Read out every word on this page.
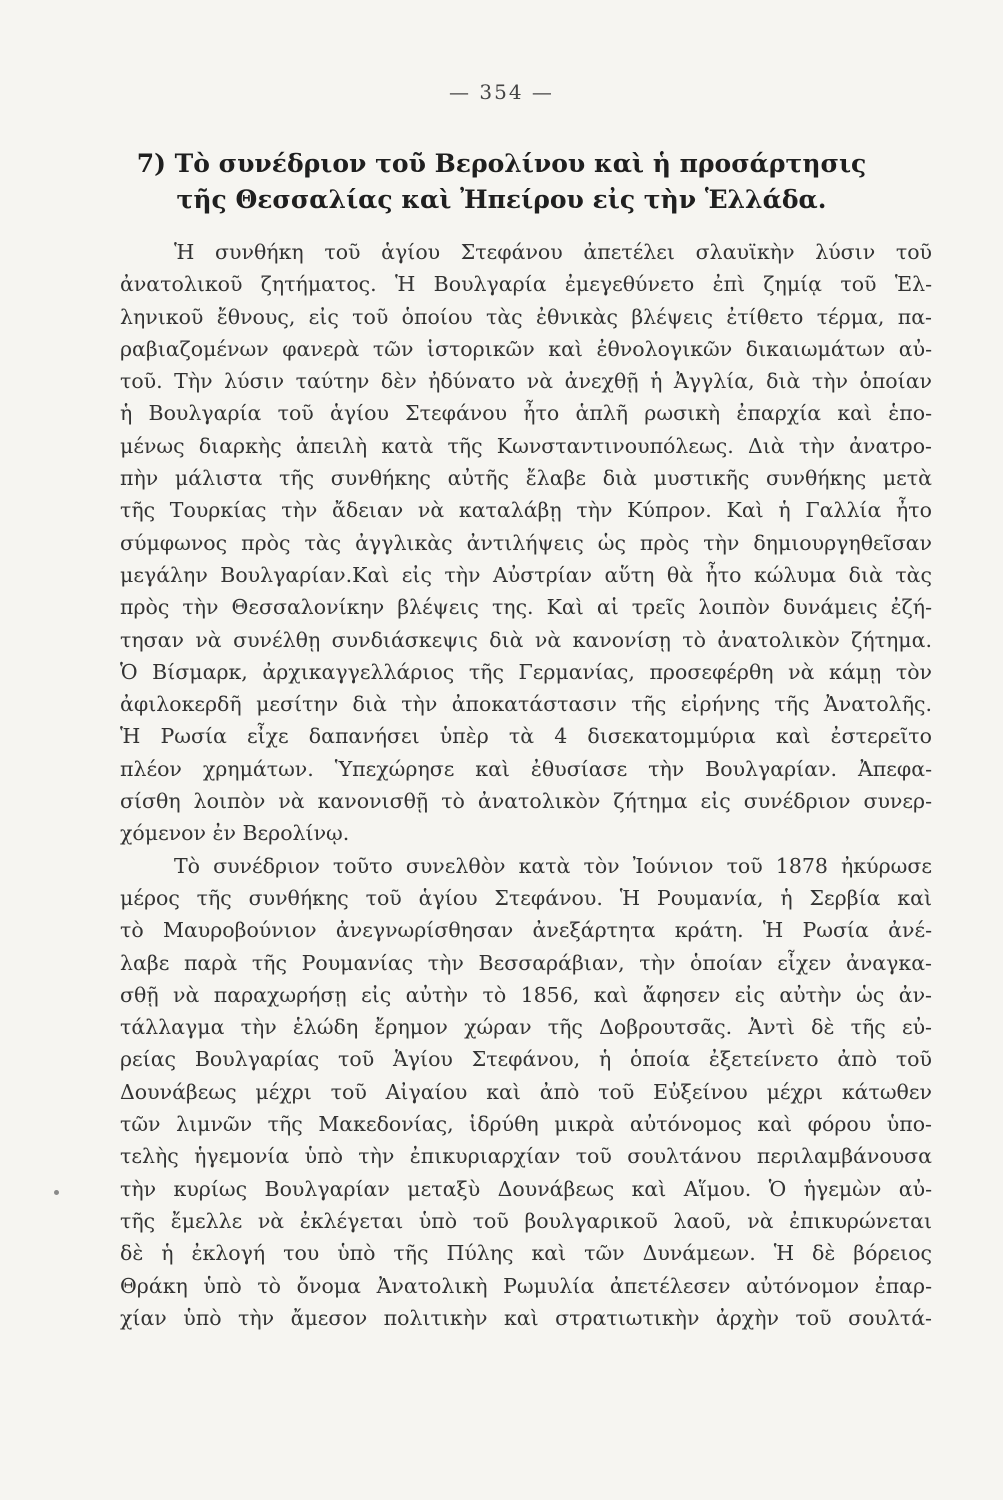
— 354 —
7) Τὸ συνέδριον τοῦ Βερολίνου καὶ ἡ προσάρτησις
τῆς Θεσσαλίας καὶ Ἠπείρου εἰς τὴν Ἑλλάδα.
Ἡ συνθήκη τοῦ ἁγίου Στεφάνου ἀπετέλει σλαυϊκὴν λύσιν τοῦ
ἀνατολικοῦ ζητήματος. Ἡ Βουλγαρία ἐμεγεθύνετο ἐπὶ ζημίᾳ τοῦ Ἑλ-
ληνικοῦ ἔθνους, εἰς τοῦ ὁποίου τὰς ἐθνικὰς βλέψεις ἐτίθετο τέρμα, πα-
ραβιαζομένων φανερὰ τῶν ἱστορικῶν καὶ ἐθνολογικῶν δικαιωμάτων αὐ-
τοῦ. Τὴν λύσιν ταύτην δὲν ἠδύνατο νὰ ἀνεχθῇ ἡ Ἀγγλία, διὰ τὴν ὁποίαν
ἡ Βουλγαρία τοῦ ἁγίου Στεφάνου ἦτο ἁπλῆ ρωσικὴ ἐπαρχία καὶ ἑπο-
μένως διαρκὴς ἀπειλὴ κατὰ τῆς Κωνσταντινουπόλεως. Διὰ τὴν ἀνατρο-
πὴν μάλιστα τῆς συνθήκης αὐτῆς ἔλαβε διὰ μυστικῆς συνθήκης μετὰ
τῆς Τουρκίας τὴν ἄδειαν νὰ καταλάβῃ τὴν Κύπρον. Καὶ ἡ Γαλλία ἦτο
σύμφωνος πρὸς τὰς ἀγγλικὰς ἀντιλήψεις ὡς πρὸς τὴν δημιουργηθεῖσαν
μεγάλην Βουλγαρίαν.Καὶ εἰς τὴν Αὐστρίαν αὕτη θὰ ἦτο κώλυμα διὰ τὰς
πρὸς τὴν Θεσσαλονίκην βλέψεις της. Καὶ αἱ τρεῖς λοιπὸν δυνάμεις ἐζή-
τησαν νὰ συνέλθῃ συνδιάσκεψις διὰ νὰ κανονίσῃ τὸ ἀνατολικὸν ζήτημα.
Ὁ Βίσμαρκ, ἀρχικαγγελλάριος τῆς Γερμανίας, προσεφέρθη νὰ κάμῃ τὸν
ἀφιλοκερδῆ μεσίτην διὰ τὴν ἀποκατάστασιν τῆς εἰρήνης τῆς Ἀνατολῆς.
Ἡ Ρωσία εἶχε δαπανήσει ὑπὲρ τὰ 4 δισεκατομμύρια καὶ ἐστερεῖτο
πλέον χρημάτων. Ὑπεχώρησε καὶ ἐθυσίασε τὴν Βουλγαρίαν. Ἀπεφα-
σίσθη λοιπὸν νὰ κανονισθῇ τὸ ἀνατολικὸν ζήτημα εἰς συνέδριον συνερ-
χόμενον ἐν Βερολίνῳ.
Τὸ συνέδριον τοῦτο συνελθὸν κατὰ τὸν Ἰούνιον τοῦ 1878 ἠκύρωσε
μέρος τῆς συνθήκης τοῦ ἁγίου Στεφάνου. Ἡ Ρουμανία, ἡ Σερβία καὶ
τὸ Μαυροβούνιον ἀνεγνωρίσθησαν ἀνεξάρτητα κράτη. Ἡ Ρωσία ἀνέ-
λαβε παρὰ τῆς Ρουμανίας τὴν Βεσσαράβιαν, τὴν ὁποίαν εἶχεν ἀναγκα-
σθῇ νὰ παραχωρήσῃ εἰς αὐτὴν τὸ 1856, καὶ ἄφησεν εἰς αὐτὴν ὡς ἀν-
τάλλαγμα τὴν ἑλώδη ἔρημον χώραν τῆς Δοβρουτσᾶς. Ἀντὶ δὲ τῆς εὐ-
ρείας Βουλγαρίας τοῦ Ἁγίου Στεφάνου, ἡ ὁποία ἐξετείνετο ἀπὸ τοῦ
Δουνάβεως μέχρι τοῦ Αἰγαίου καὶ ἀπὸ τοῦ Εὐξείνου μέχρι κάτωθεν
τῶν λιμνῶν τῆς Μακεδονίας, ἱδρύθη μικρὰ αὐτόνομος καὶ φόρου ὑπο-
τελὴς ἡγεμονία ὑπὸ τὴν ἐπικυριαρχίαν τοῦ σουλτάνου περιλαμβάνουσα
τὴν κυρίως Βουλγαρίαν μεταξὺ Δουνάβεως καὶ Αἵμου. Ὁ ἡγεμὼν αὐ-
τῆς ἔμελλε νὰ ἐκλέγεται ὑπὸ τοῦ βουλγαρικοῦ λαοῦ, νὰ ἐπικυρώνεται
δὲ ἡ ἐκλογή του ὑπὸ τῆς Πύλης καὶ τῶν Δυνάμεων. Ἡ δὲ βόρειος
Θράκη ὑπὸ τὸ ὄνομα Ἀνατολικὴ Ρωμυλία ἀπετέλεσεν αὐτόνομον ἐπαρ-
χίαν ὑπὸ τὴν ἄμεσον πολιτικὴν καὶ στρατιωτικὴν ἀρχὴν τοῦ σουλτά-
